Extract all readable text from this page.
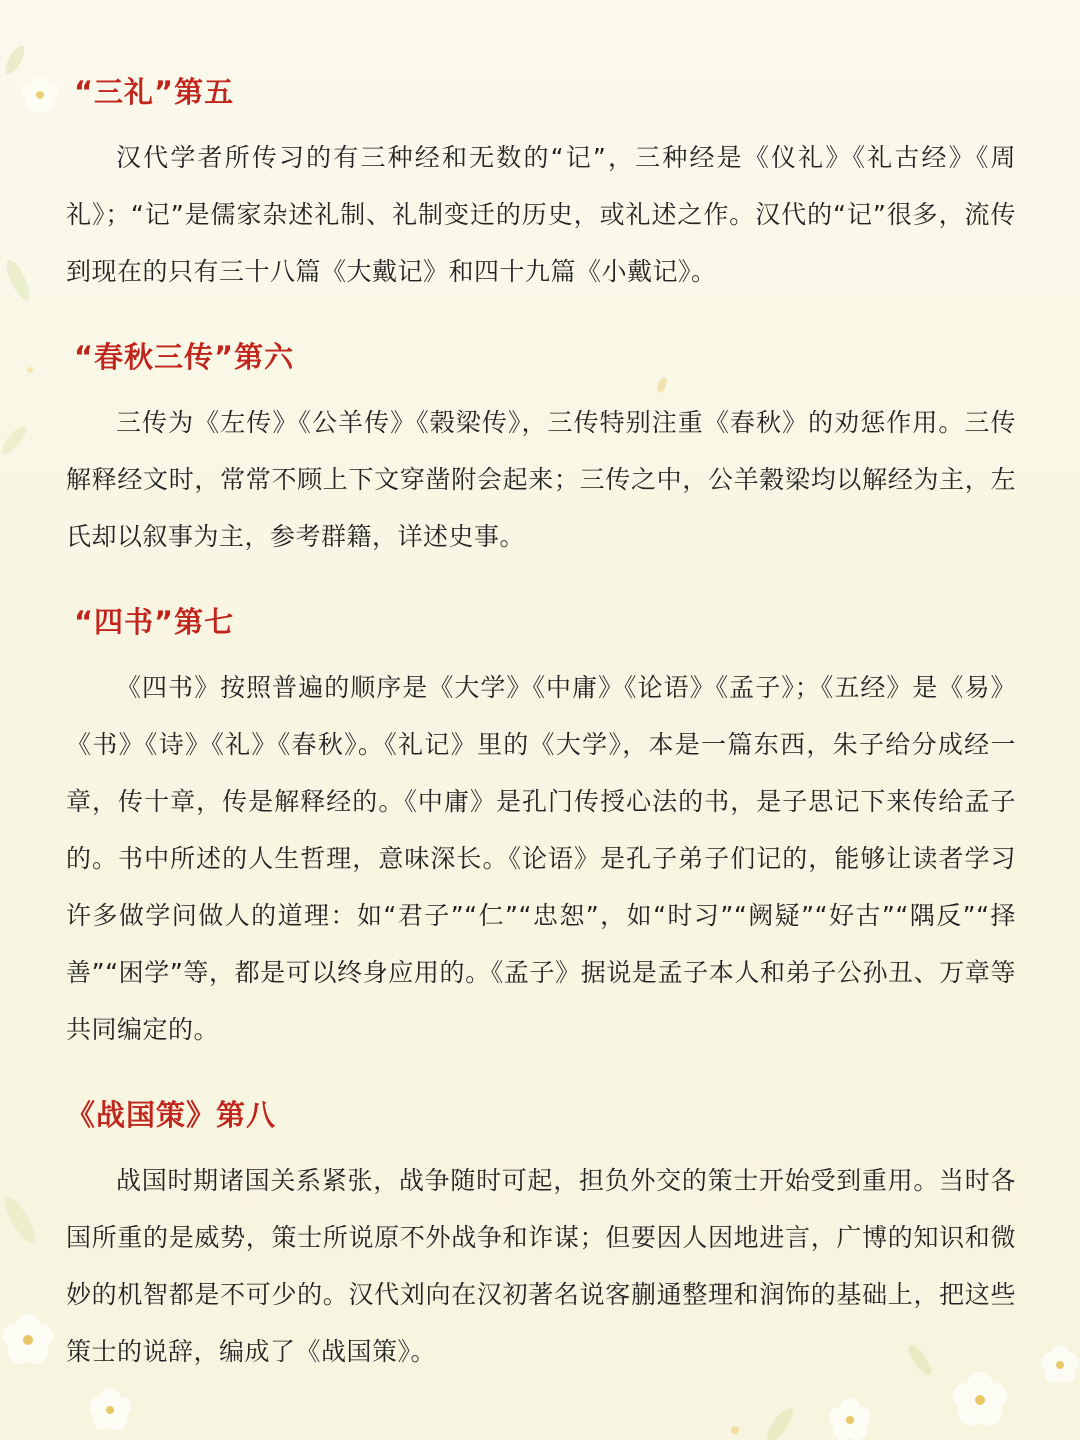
“三礼”第五

汉代学者所传习的有三种经和无数的“记”，三种经是《仪礼》《礼古经》《周礼》；“记”是儒家杂述礼制、礼制变迁的历史，或礼述之作。汉代的“记”很多，流传到现在的只有三十八篇《大戴记》和四十九篇《小戴记》。

“春秋三传”第六

三传为《左传》《公羊传》《榖梁传》，三传特别注重《春秋》的劝惩作用。三传解释经文时，常常不顾上下文穿凿附会起来；三传之中，公羊穀梁均以解经为主，左氏却以叙事为主，参考群籍，详述史事。

“四书”第七

《四书》按照普遍的顺序是《大学》《中庸》《论语》《孟子》；《五经》是《易》《书》《诗》《礼》《春秋》。《礼记》里的《大学》，本是一篇东西，朱子给分成经一章，传十章，传是解释经的。《中庸》是孔门传授心法的书，是子思记下来传给孟子的。书中所述的人生哲理，意味深长。《论语》是孔子弟子们记的，能够让读者学习许多做学问做人的道理：如“君子”“仁”“忠恕”，如“时习”“阙疑”“好古”“隅反”“择善”“困学”等，都是可以终身应用的。《孟子》据说是孟子本人和弟子公孙丑、万章等共同编定的。

《战国策》第八

战国时期诸国关系紧张，战争随时可起，担负外交的策士开始受到重用。当时各国所重的是威势，策士所说原不外战争和诈谋；但要因人因地进言，广博的知识和微妙的机智都是不可少的。汉代刘向在汉初著名说客蒯通整理和润饰的基础上，把这些策士的说辞，编成了《战国策》。
